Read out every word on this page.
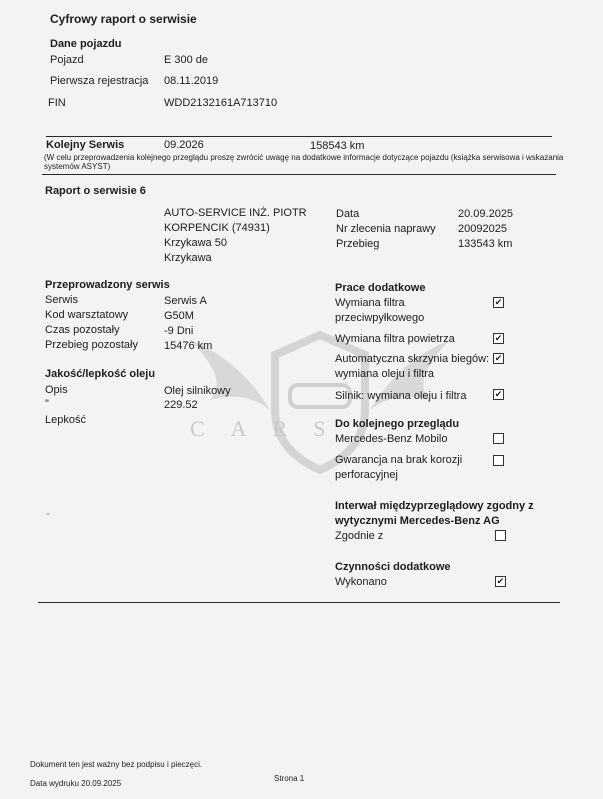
CARS
Cyfrowy raport o serwisie
Dane pojazdu
Pojazd	E 300 de
Pierwsza rejestracja 08.11.2019
FIN	WDD2132161A713710
Kolejny Serwis	09.2026	158543 km
(W celu przeprowadzenia kolejnego przeglądu proszę zwrócić uwagę na dodatkowe informacje dotyczące pojazdu (książka serwisowa i wskazania
systemów ASYST)
Raport o serwisie 6
AUTO-SERVICE INŻ. PIOTR
KORPENCIK (74931)
Krzykawa 50
Krzykawa
Data	20.09.2025
Nr zlecenia naprawy 20092025
Przebieg	133543 km
Przeprowadzony serwis
Serwis	Serwis A
Kod warsztatowy	G50M
Czas pozostały	-9 Dni
Przebieg pozostały 15476 km
Jakość/lepkość oleju
Opis	Olej silnikowy
"	229.52
Lepkość
Prace dodatkowe
Wymiana filtra
przeciwpyłkowego
✔
Wymiana filtra powietrza	✔
Automatyczna skrzynia biegów:
wymiana oleju i filtra
✔
Silnik: wymiana oleju i filtra	✔
Do kolejnego przeglądu
Mercedes-Benz Mobilo
Gwarancja na brak korozji
perforacyjnej
Interwał międzyprzeglądowy zgodny z
wytycznymi Mercedes-Benz AG
Zgodnie z
Czynności dodatkowe
Wykonano	✔
-
Dokument ten jest ważny bez podpisu i pieczęci.
Data wydruku 20.09.2025
Strona 1
